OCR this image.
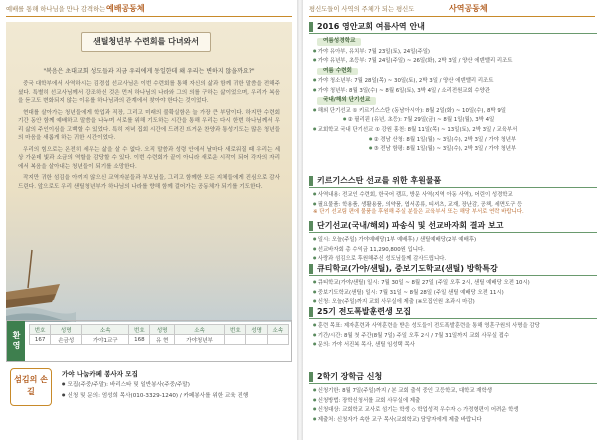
예배를 통해 하나님을 만나 감격하는 예배공동체
샌틸청년부 수련회를 다녀와서
"복음은 초대교회 성도들과 지금 우리에게 동일한데 왜 우리는 변하지 않을까요?"

중국 대학부에서 사역하시는 김경섭 선교사님은 이번 수련회를 통해 자신의 삶과 함께 귀한 말씀을 전해주셨다. 특별히 선교사님께서 강조하신 것은 먼저 하나님의 나라와 그의 의를 구하는 삶이었으며, 우리가 복음을 듣고도 변화되지 않는 이유를 하나님과의 관계에서 찾아야 한다는 것이었다.

현대를 살아가는 청년들에게 학업과 직장, 그리고 미래의 불확실함은 늘 가장 큰 부담이다. 하지만 수련회 기간 동안 함께 예배하고 말씀을 나누며 서로를 위해 기도하는 시간을 통해 우리는 다시 한번 하나님께서 우리 삶의 주인이심을 고백할 수 있었다. 특히 저녁 집회 시간에 드려진 뜨거운 찬양과 통성기도는 많은 청년들의 마음을 새롭게 하는 귀한 시간이었다.

우리의 힘으로는 온전히 세우는 삶을 살 수 없다. 오직 말씀과 성령 안에서 날마다 새로워질 때 우리는 세상 가운데 빛과 소금의 역할을 감당할 수 있다. 이번 수련회가 끝이 아니라 새로운 시작이 되어 각자의 자리에서 복음을 살아내는 청년들이 되기를 소망한다.

작지만 귀한 섬김을 아끼지 않으신 교역자분들과 부모님들, 그리고 함께한 모든 지체들에게 진심으로 감사드린다. 앞으로도 우리 샌틸청년부가 하나님의 나라를 향해 함께 걸어가는 공동체가 되기를 기도한다.

환영
번호	성명	소속	번호	성명	소속	번호	성명	소속
167	손금성	가야1교구	168	유 현	가야청년부			
섬김의 손길
가야 나눔카페 봉사자 모집
● 모집(주중/주말): 바리스타 및 일반봉사(주중/주말)
● 신청 및 문의: 엄성희 목사(010-3329-1240) / 카페봉사를 위한 교육 진행
평신도들이 사역의 주체가 되는 평신도	사역공동체
2016 영안교회 여름사역 안내
여름성경학교
● 가야 유아부, 유치부: 7월 23일(토), 24일(주일)
● 가야 유년부, 초등부: 7월 24일(주일) ~ 26일(화), 2박 3일 / 양산 에덴밸리 리조트
여름 수련회
● 가야 청소년부: 7월 28일(목) ~ 30일(토), 2박 3일 / 양산 에덴밸리 리조트
● 가야 청년부: 8월 3일(수) ~ 8월 6일(토), 3박 4일 / 소리전원교회 수양관
국내/해외 단기선교
● 해외 단기선교 ① 키르기스스탄 (동남아시아): 8월 2일(화) ~ 10일(수), 8박 9일
● ② 필리핀 (유년, 초등): 7월 29일(금) ~ 8월 1일(월), 3박 4일
● 교회학교 국내 단기선교 ① 강원 홍천: 8월 11일(목) ~ 13일(토), 2박 3일 / 교육부서
● ② 경남 산청: 8월 1일(월) ~ 3일(수), 2박 3일 / 가야 청년부
● ③ 전남 함평: 8월 1일(월) ~ 3일(수), 2박 3일 / 가야 청년부
키르기스스탄 선교를 위한 후원물품
● 사역내용: 전교인 수련회, 한국어 캠프, 방문 사역(지역 아동 사역), 어린이 성경학교
● 필요물품: 학용품, 생활용품, 의약품, 엽서종류, 티셔츠, 교재, 장난감, 공책, 세면도구 등
※ 단기 선교팀 편에 물품을 후원해 주실 분들은 교육부서 또는 해당 부서로 연락 바랍니다.
단기선교(국내/해외) 파송식 및 선교바자회 결과 보고
● 일시: 오늘(주일) 가야예배당(1부 예배후) / 샌틸예배당(2부 예배후)
● 선교바자회 총 수익금 11,290,800원 입니다.
● 사랑과 섬김으로 후원해주신 성도님들께 감사드립니다.
큐티학교(가야/샌틸), 중보기도학교(샌틸) 방학특강
● 큐티학교(가야/샌틸) 일시: 7월 30일 ~ 8월 27일 (주일 오후 2시, 샌틸 예배당 오전 10시)
● 중보기도학교(샌틸) 일시: 7월 31일 ~ 8월 28일 (주일 샌틸 예배당 오전 11시)
● 신청: 오늘(주일)까지 교회 사무실에 제출 (※모집인원 초과시 마감)
25기 전도폭발훈련생 모집
● 훈련 목표: 제자훈련과 사역훈련을 받은 성도들이 전도폭발훈련을 통해 영혼구원의 사명을 감당
● 기간/시간: 8월 첫 주간(8월 7일) 주일 오후 2시 / 7월 31일까지 교회 사무실 접수
● 문의: 가야 서진복 목사, 샌틸 임성택 목사
2학기 장학금 신청
● 신청기한: 8월 7일(주일)까지 / 본 교회 출석 중인 고등학교, 대학교 재학생
● 신청방법: 장학신청서를 교회 사무실에 제출
● 신청대상: 교회학교 교사로 섬기는 학생 ◇ 학업성적 우수자 ◇ 가정형편이 어려운 학생
● 제출처: 신청자가 속한 교구 목사(교회학교) 담당자에게 제출 바랍니다
